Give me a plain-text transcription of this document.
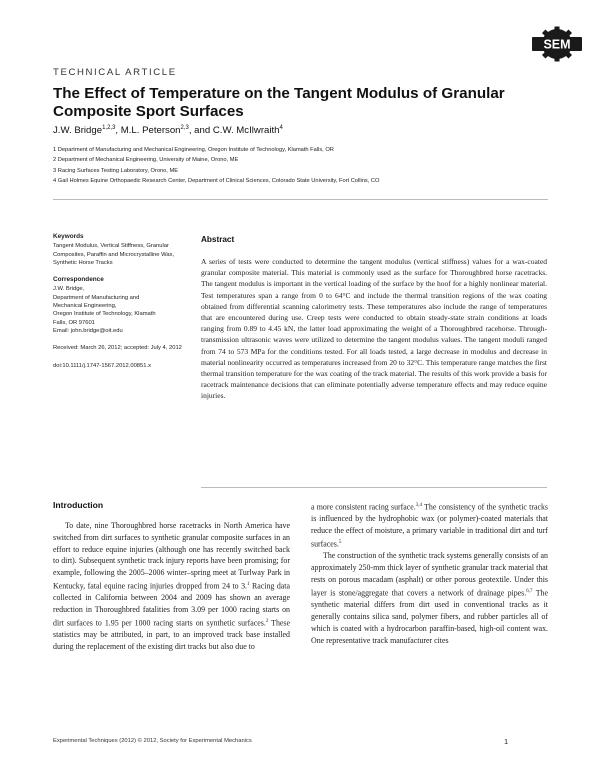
SEM
TECHNICAL ARTICLE
The Effect of Temperature on the Tangent Modulus of Granular Composite Sport Surfaces
J.W. Bridge$^{1,2,3}$, M.L. Peterson$^{2,3}$, and C.W. McIlwraith$^4$
1 Department of Manufacturing and Mechanical Engineering, Oregon Institute of Technology, Klamath Falls, OR
2 Department of Mechanical Engineering, University of Maine, Orono, ME
3 Racing Surfaces Testing Laboratory, Orono, ME
4 Gail Holmes Equine Orthopaedic Research Center, Department of Clinical Sciences, Colorado State University, Fort Collins, CO
Keywords
Tangent Modulus, Vertical Stiffness, Granular Composites, Paraffin and Microcrystalline Wax, Synthetic Horse Tracks
Correspondence
J.W. Bridge,
Department of Manufacturing and
Mechanical Engineering,
Oregon Institute of Technology, Klamath
Falls, OR 97601
Email: john.bridge@oit.edu
Received: March 26, 2012; accepted: July 4, 2012
doi:10.1111/j.1747-1567.2012.00851.x
Abstract
A series of tests were conducted to determine the tangent modulus (vertical stiffness) values for a wax-coated granular composite material. This material is commonly used as the surface for Thoroughbred horse racetracks. The tangent modulus is important in the vertical loading of the surface by the hoof for a highly nonlinear material. Test temperatures span a range from 0 to 64°C and include the thermal transition regions of the wax coating obtained from differential scanning calorimetry tests. These temperatures also include the range of temperatures that are encountered during use. Creep tests were conducted to obtain steady-state strain conditions at loads ranging from 0.89 to 4.45 kN, the latter load approximating the weight of a Thoroughbred racehorse. Through-transmission ultrasonic waves were utilized to determine the tangent modulus values. The tangent moduli ranged from 74 to 573 MPa for the conditions tested. For all loads tested, a large decrease in modulus and decrease in material nonlinearity occurred as temperatures increased from 20 to 32°C. This temperature range matches the first thermal transition temperature for the wax coating of the track material. The results of this work provide a basis for racetrack maintenance decisions that can eliminate potentially adverse temperature effects and may reduce equine injuries.
Introduction
To date, nine Thoroughbred horse racetracks in North America have switched from dirt surfaces to synthetic granular composite surfaces in an effort to reduce equine injuries (although one has recently switched back to dirt). Subsequent synthetic track injury reports have been promising; for example, following the 2005–2006 winter–spring meet at Turlway Park in Kentucky, fatal equine racing injuries dropped from 24 to 3.$^1$ Racing data collected in California between 2004 and 2009 has shown an average reduction in Thoroughbred fatalities from 3.09 per 1000 racing starts on dirt surfaces to 1.95 per 1000 racing starts on synthetic surfaces.$^2$ These statistics may be attributed, in part, to an improved track base installed during the replacement of the existing dirt tracks but also due to

a more consistent racing surface.$^{3,4}$ The consistency of the synthetic tracks is influenced by the hydrophobic wax (or polymer)-coated materials that reduce the effect of moisture, a primary variable in traditional dirt and turf surfaces.$^5$

The construction of the synthetic track systems generally consists of an approximately 250-mm thick layer of synthetic granular track material that rests on porous macadam (asphalt) or other porous geotextile. Under this layer is stone/aggregate that covers a network of drainage pipes.$^{6,7}$ The synthetic material differs from dirt used in conventional tracks as it generally contains silica sand, polymer fibers, and rubber particles all of which is coated with a hydrocarbon paraffin-based, high-oil content wax. One representative track manufacturer cites

Experimental Techniques (2012) © 2012, Society for Experimental Mechanics	1
